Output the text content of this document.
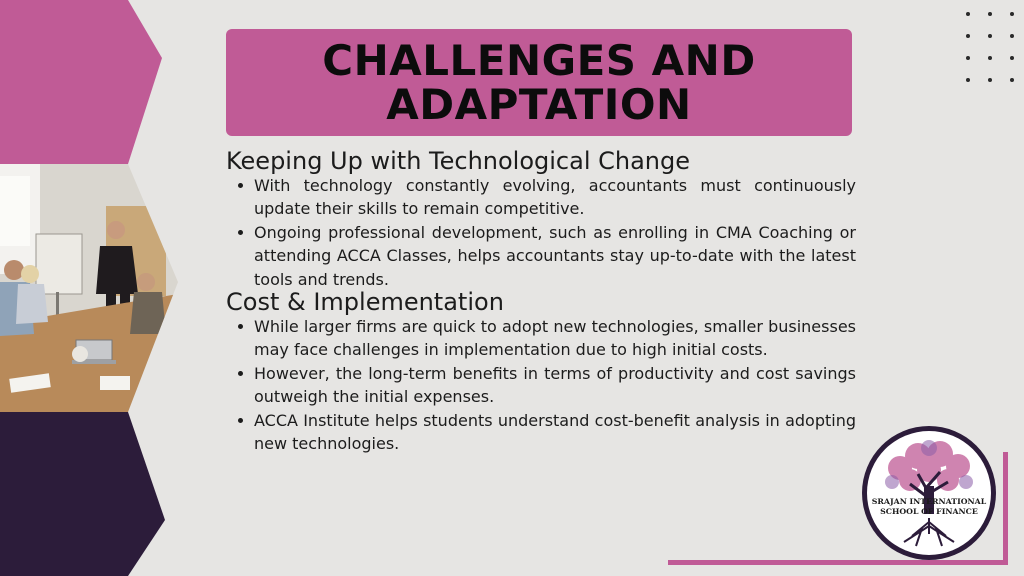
CHALLENGES AND ADAPTATION
Keeping Up with Technological Change
With technology constantly evolving, accountants must continuously update their skills to remain competitive.
Ongoing professional development, such as enrolling in CMA Coaching or attending ACCA Classes, helps accountants stay up-to-date with the latest tools and trends.
Cost & Implementation
While larger firms are quick to adopt new technologies, smaller businesses may face challenges in implementation due to high initial costs.
However, the long-term benefits in terms of productivity and cost savings outweigh the initial expenses.
ACCA Institute helps students understand cost-benefit analysis in adopting new technologies.
SRAJAN INTERNATIONAL
SCHOOL OF FINANCE
